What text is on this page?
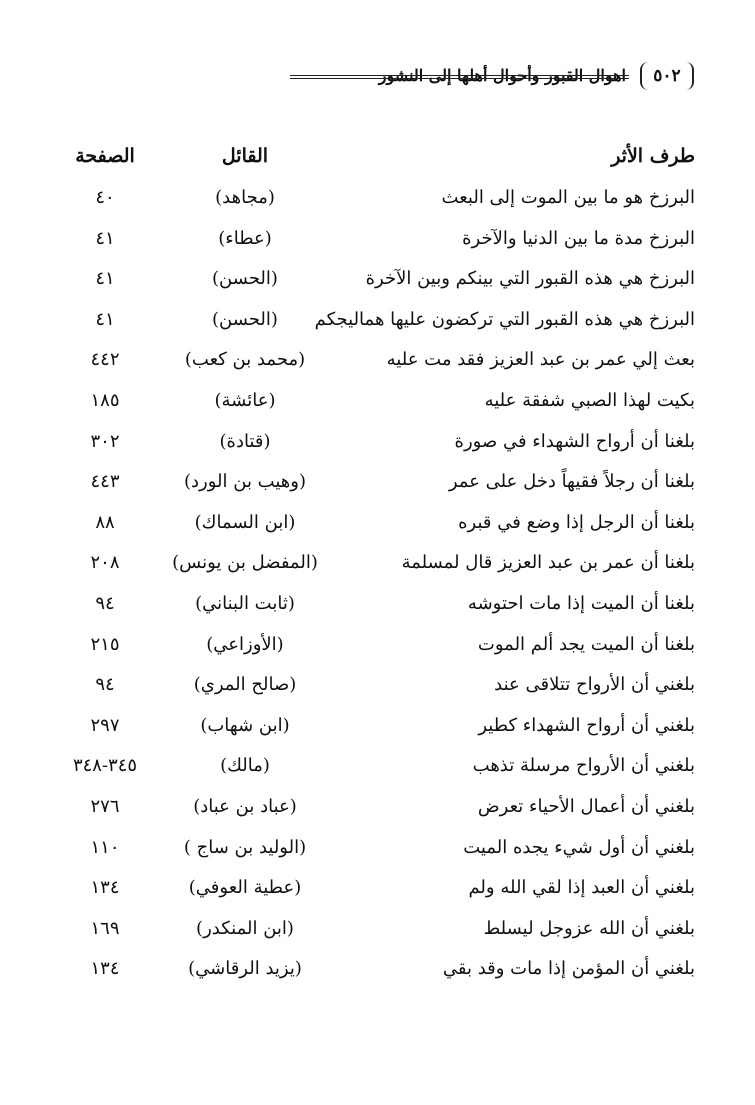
اهوال القبور وأحوال أهلها إلى النشور	٥٠٢
طرف الأثر
القائل
الصفحة
البرزخ هو ما بين الموت إلى البعث
(مجاهد)
٤٠
البرزخ مدة ما بين الدنيا والآخرة
(عطاء)
٤١
البرزخ هي هذه القبور التي بينكم وبين الآخرة
(الحسن)
٤١
البرزخ هي هذه القبور التي تركضون عليها هماليجكم
(الحسن)
٤١
بعث إلي عمر بن عبد العزيز فقد مت عليه
(محمد بن كعب)
٤٤٢
بكيت لهذا الصبي شفقة عليه
(عائشة)
١٨٥
بلغنا أن أرواح الشهداء في صورة
(قتادة)
٣٠٢
بلغنا أن رجلاً فقيهاً دخل على عمر
(وهيب بن الورد)
٤٤٣
بلغنا أن الرجل إذا وضع في قبره
(ابن السماك)
٨٨
بلغنا أن عمر بن عبد العزيز قال لمسلمة
(المفضل بن يونس)
٢٠٨
بلغنا أن الميت إذا مات احتوشه
(ثابت البناني)
٩٤
بلغنا أن الميت يجد ألم الموت
(الأوزاعي)
٢١٥
بلغني أن الأرواح تتلاقى عند
(صالح المري)
٩٤
بلغني أن أرواح الشهداء كطير
(ابن شهاب)
٢٩٧
بلغني أن الأرواح مرسلة تذهب
(مالك)
٣٤٥-٣٤٨
بلغني أن أعمال الأحياء تعرض
(عباد بن عباد)
٢٧٦
بلغني أن أول شيء يجده الميت
(الوليد بن ساج )
١١٠
بلغني أن العبد إذا لقي الله ولم
(عطية العوفي)
١٣٤
بلغني أن الله عزوجل ليسلط
(ابن المنكدر)
١٦٩
بلغني أن المؤمن إذا مات وقد بقي
(يزيد الرقاشي)
١٣٤
